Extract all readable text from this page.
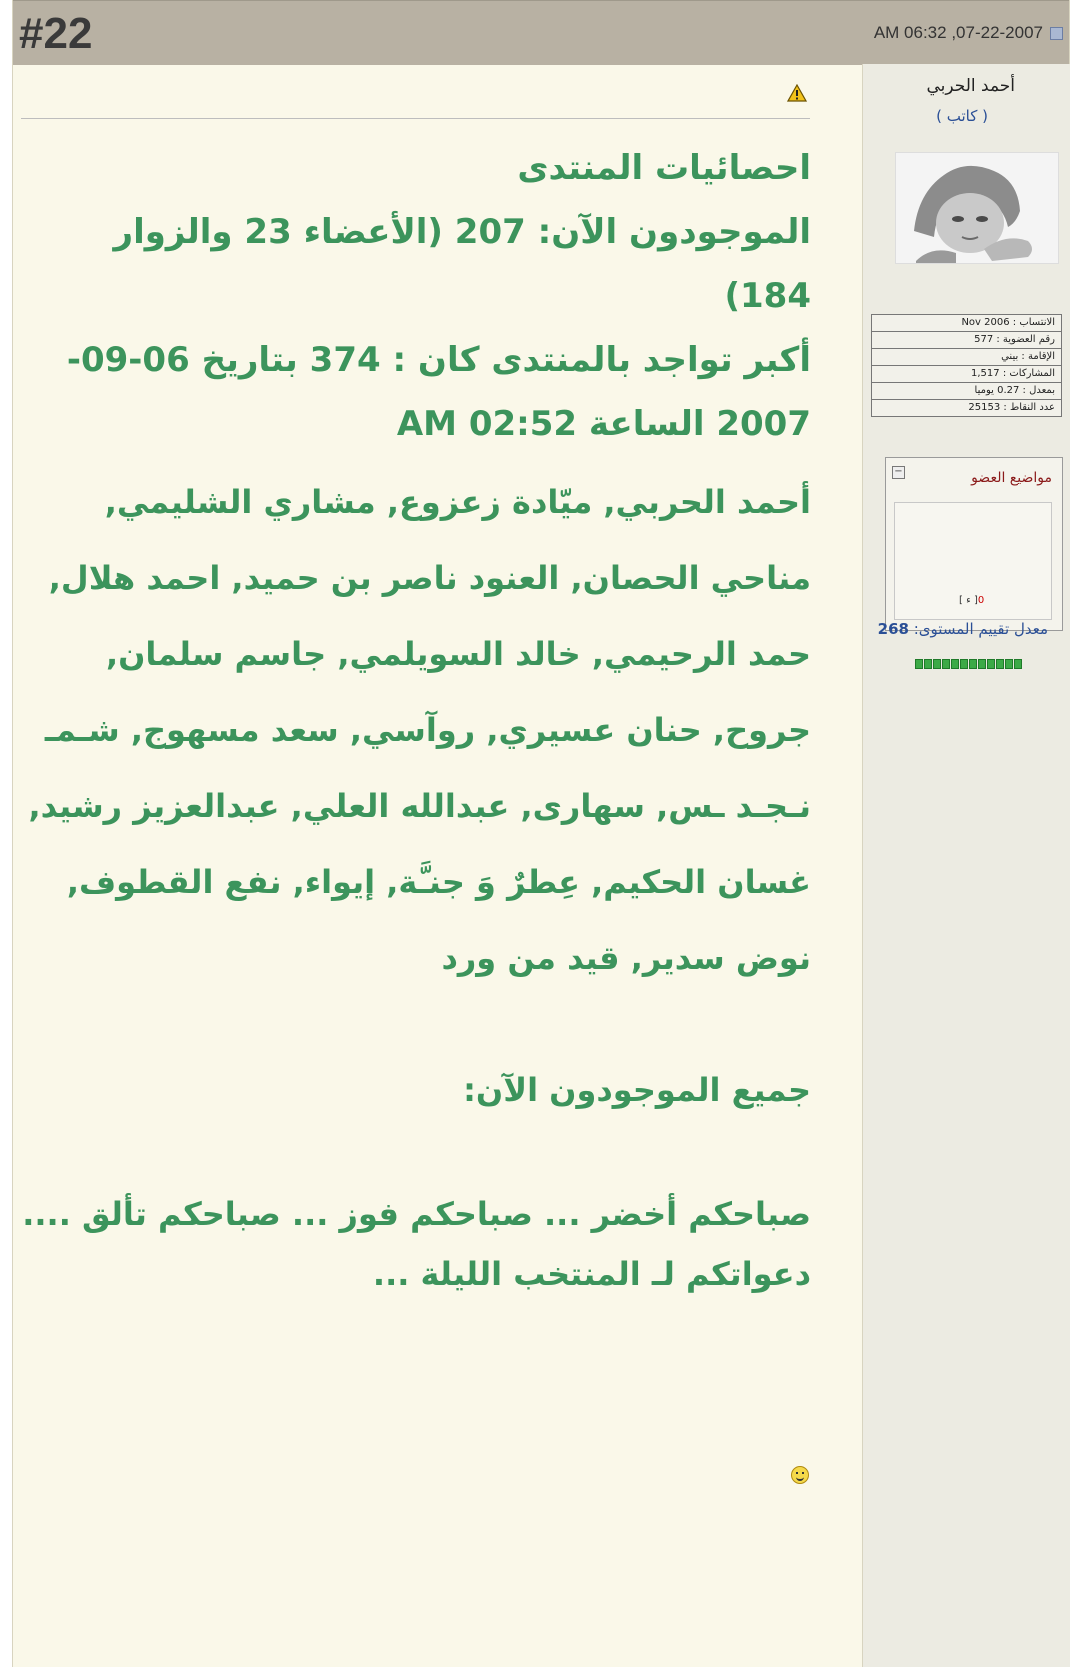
#22	AM 06:32 ,07-22-2007
احصائيات المنتدى
الموجودون الآن: 207 (الأعضاء 23 والزوار 184)
أكبر تواجد بالمنتدى كان : 374 بتاريخ 06-09-2007 الساعة AM 02:52
أحمد الحربي, ميّادة زعزوع, مشاري الشليمي, مناحي الحصان, العنود ناصر بن حميد, احمد هلال, حمد الرحيمي, خالد السويلمي, جاسم سلمان, جروح, حنان عسيري, روآسي, سعد مسهوج, شـمـ نـجـد ـس, سهارى, عبدالله العلي, عبدالعزيز رشيد, غسان الحكيم, عِطرٌ وَ جنـَّة, إيواء, نفع القطوف, نوض سدير, قيد من ورد
جميع الموجودون الآن:
صباحكم أخضر ... صباحكم فوز ... صباحكم تألق ....
دعواتكم لـ المنتخب الليلة ...
أحمد الحربي
( كاتب )
الانتساب : Nov 2006
رقم العضوية : 577
الإقامة : بيني
المشاركات : 1,517
بمعدل : 0.27 يوميا
عدد النقاط : 25153
−	مواضيع العضو
[ ء ]0
معدل تقييم المستوى: 268
